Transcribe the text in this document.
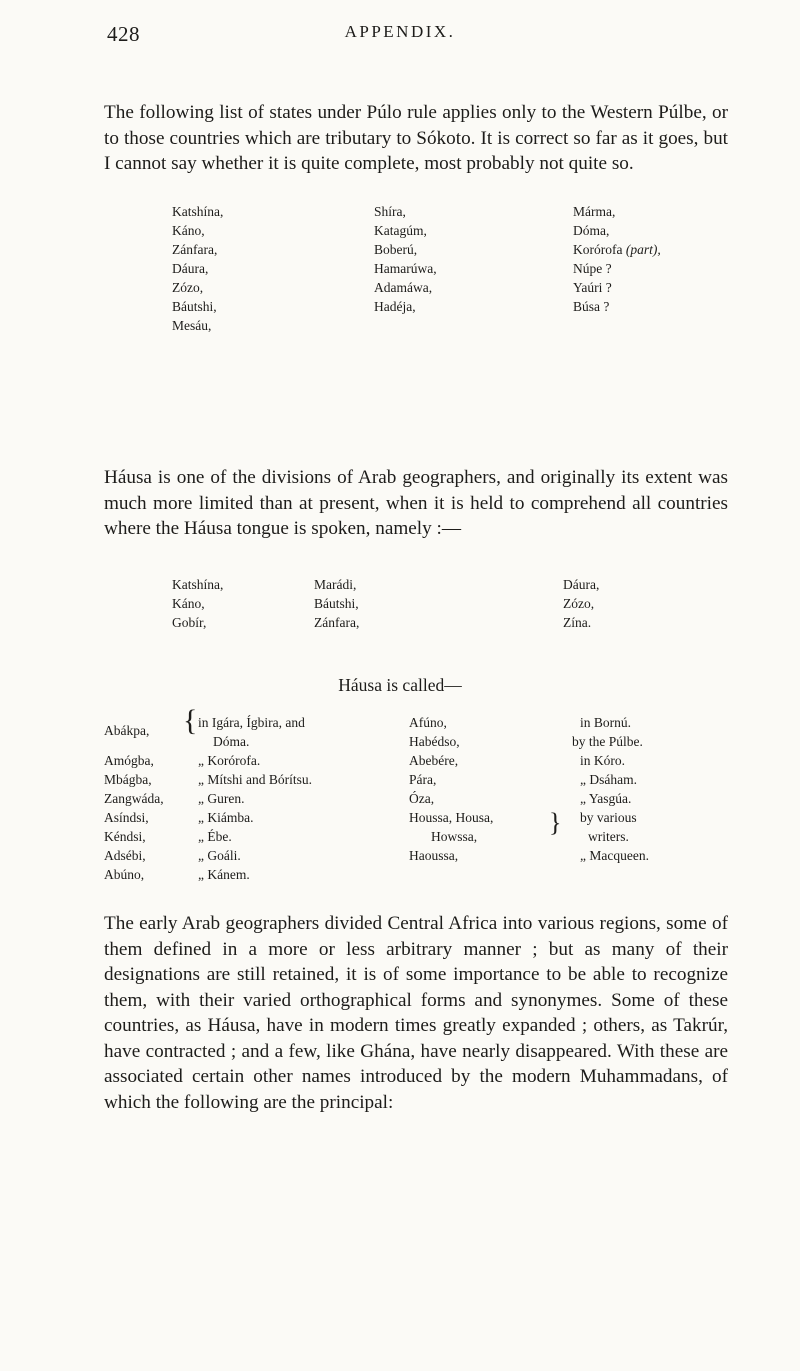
428	APPENDIX.

The following list of states under Púlo rule applies only to the Western Púlbe, or to those countries which are tributary to Sókoto. It is correct so far as it goes, but I cannot say whether it is quite complete, most probably not quite so.

Katshína,
Káno,
Zánfara,
Dáura,
Zózo,
Báutshi,
Mesáu,
Shíra,
Katagúm,
Boberú,
Hamarúwa,
Adamáwa,
Hadéja,
Márma,
Dóma,
Korórofa (part),
Núpe ?
Yaúri ?
Búsa ?

Háusa is one of the divisions of Arab geographers, and originally its extent was much more limited than at present, when it is held to comprehend all countries where the Háusa tongue is spoken, namely :—

Katshína,
Káno,
Gobír,
Marádi,
Báutshi,
Zánfara,
Dáura,
Zózo,
Zína.
Háusa is called—
Abákpa,
Amógba,
Mbágba,
Zangwáda,
Asíndsi,
Kéndsi,
Adsébi,
Abúno,
{ in Igára, Ígbira, and
Dóma.
„ Korórofa.
„ Mítshi and Bórítsu.
„ Guren.
„ Kiámba.
„ Ébe.
„ Goáli.
„ Kánem.
Afúno,
Habédso,
Abebére,
Pára,
Óza,
Houssa, Housa,
Howssa,
Haoussa,
}
in Bornú.
by the Púlbe.
in Kóro.
„ Dsáham.
„ Yasgúa.
by various
writers.
„ Macqueen.

The early Arab geographers divided Central Africa into various regions, some of them defined in a more or less arbitrary manner ; but as many of their designations are still retained, it is of some importance to be able to recognize them, with their varied orthographical forms and synonymes. Some of these countries, as Háusa, have in modern times greatly expanded ; others, as Takrúr, have contracted ; and a few, like Ghána, have nearly disappeared. With these are associated certain other names introduced by the modern Muhammadans, of which the following are the principal:
